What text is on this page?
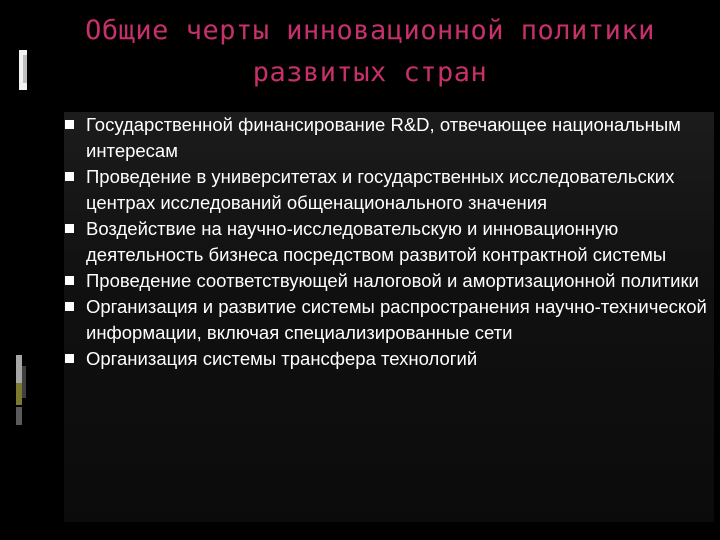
Общие черты инновационной политики
развитых стран
Государственной финансирование R&D, отвечающее национальным интересам
Проведение в университетах и государственных исследовательских центрах исследований общенационального значения
Воздействие на научно-исследовательскую и инновационную деятельность бизнеса посредством развитой контрактной системы
Проведение соответствующей налоговой и амортизационной политики
Организация и развитие системы распространения научно-технической информации, включая специализированные сети
Организация системы трансфера технологий
